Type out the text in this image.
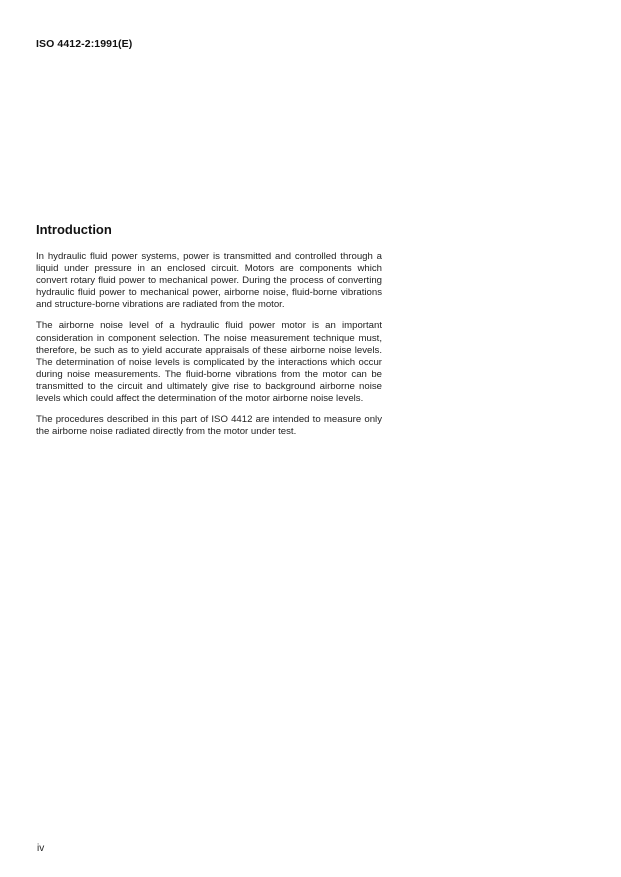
ISO 4412-2:1991(E)
Introduction

In hydraulic fluid power systems, power is transmitted and controlled through a liquid under pressure in an enclosed circuit. Motors are components which convert rotary fluid power to mechanical power. During the process of converting hydraulic fluid power to mechanical power, airborne noise, fluid-borne vibrations and structure-borne vibrations are radiated from the motor.

The airborne noise level of a hydraulic fluid power motor is an important consideration in component selection. The noise measurement technique must, therefore, be such as to yield accurate appraisals of these airborne noise levels. The determination of noise levels is complicated by the interactions which occur during noise measurements. The fluid-borne vibrations from the motor can be transmitted to the circuit and ultimately give rise to background airborne noise levels which could affect the determination of the motor airborne noise levels.

The procedures described in this part of ISO 4412 are intended to measure only the airborne noise radiated directly from the motor under test.

iv
